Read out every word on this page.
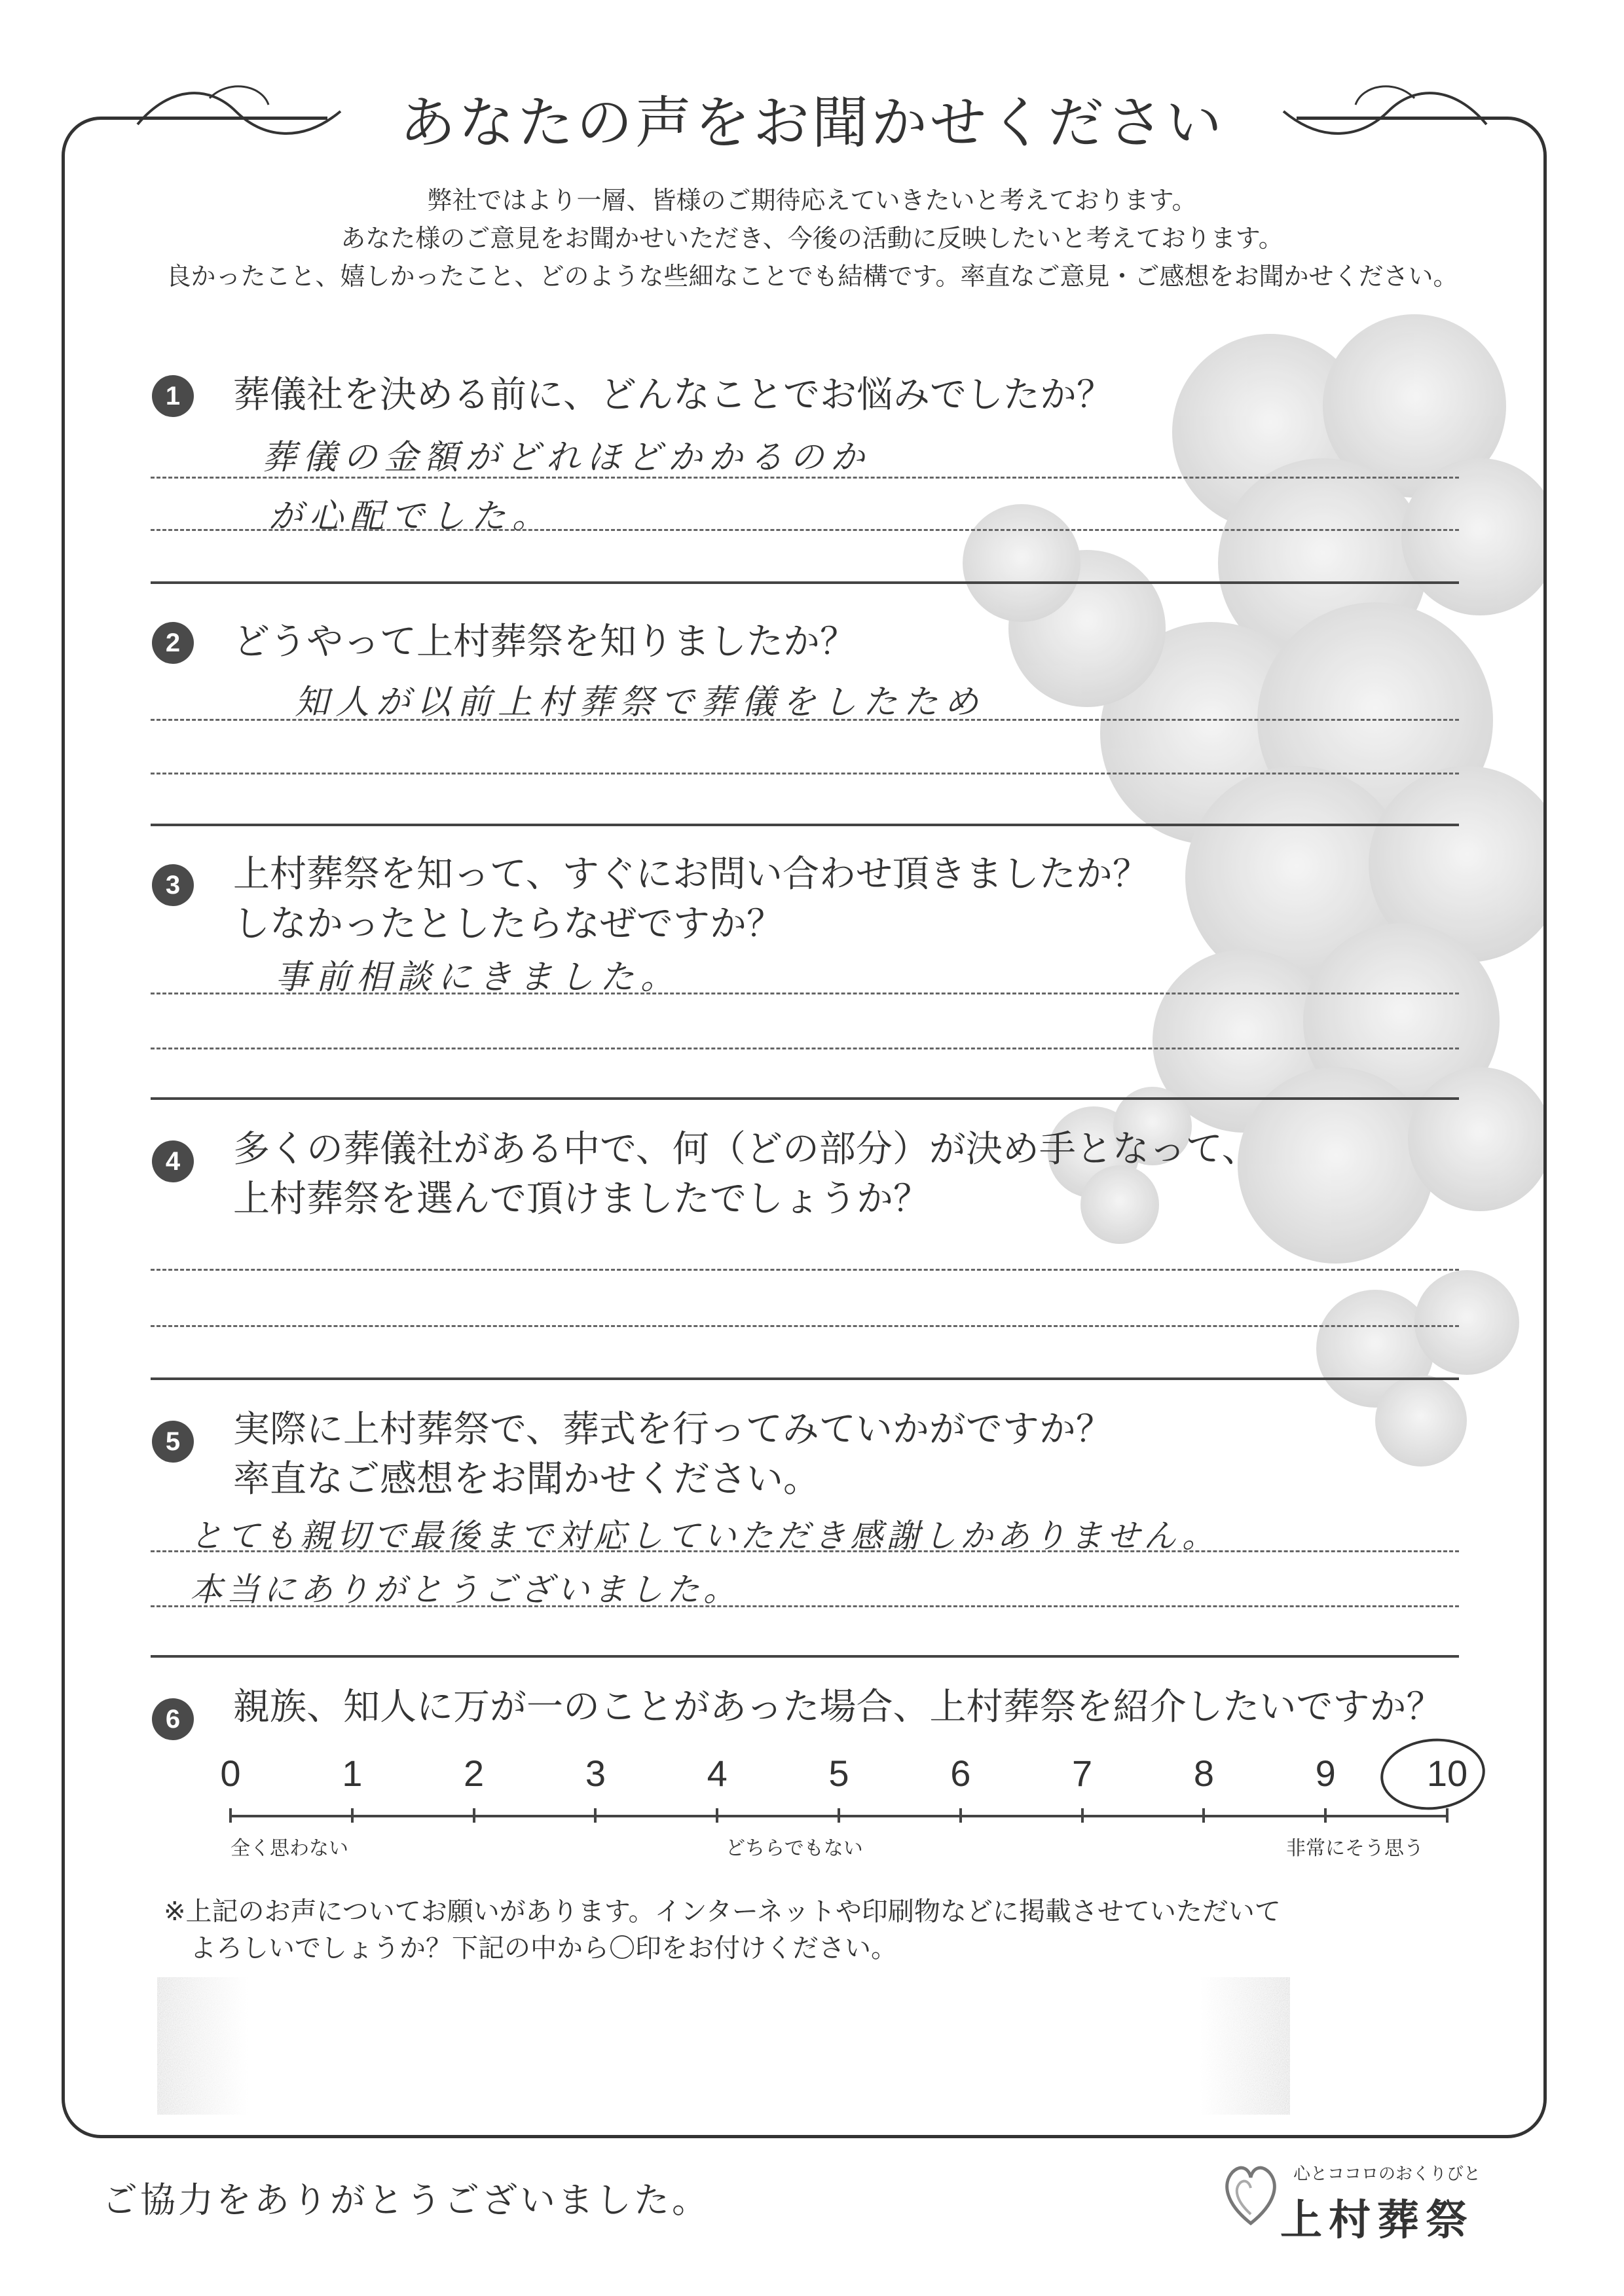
あなたの声をお聞かせください
弊社ではより一層、皆様のご期待応えていきたいと考えております。
あなた様のご意見をお聞かせいただき、今後の活動に反映したいと考えております。
良かったこと、嬉しかったこと、どのような些細なことでも結構です。率直なご意見・ご感想をお聞かせください。
1	葬儀社を決める前に、どんなことでお悩みでしたか？
葬儀の金額がどれほどかかるのか
が心配でした。
2	どうやって上村葬祭を知りましたか？
知人が以前上村葬祭で葬儀をしたため
3	上村葬祭を知って、すぐにお問い合わせ頂きましたか？
しなかったとしたらなぜですか？
事前相談にきました。
4	多くの葬儀社がある中で、何（どの部分）が決め手となって、
上村葬祭を選んで頂けましたでしょうか？
5	実際に上村葬祭で、葬式を行ってみていかがですか？
率直なご感想をお聞かせください。
とても親切で最後まで対応していただき感謝しかありません。
本当にありがとうございました。
6	親族、知人に万が一のことがあった場合、上村葬祭を紹介したいですか？
0	1	2	3	4	5	6	7	8	9	10
全く思わない	どちらでもない	非常にそう思う
※上記のお声についてお願いがあります。インターネットや印刷物などに掲載させていただいて
よろしいでしょうか？下記の中から〇印をお付けください。
ご協力をありがとうございました。
心とココロのおくりびと
上村葬祭
